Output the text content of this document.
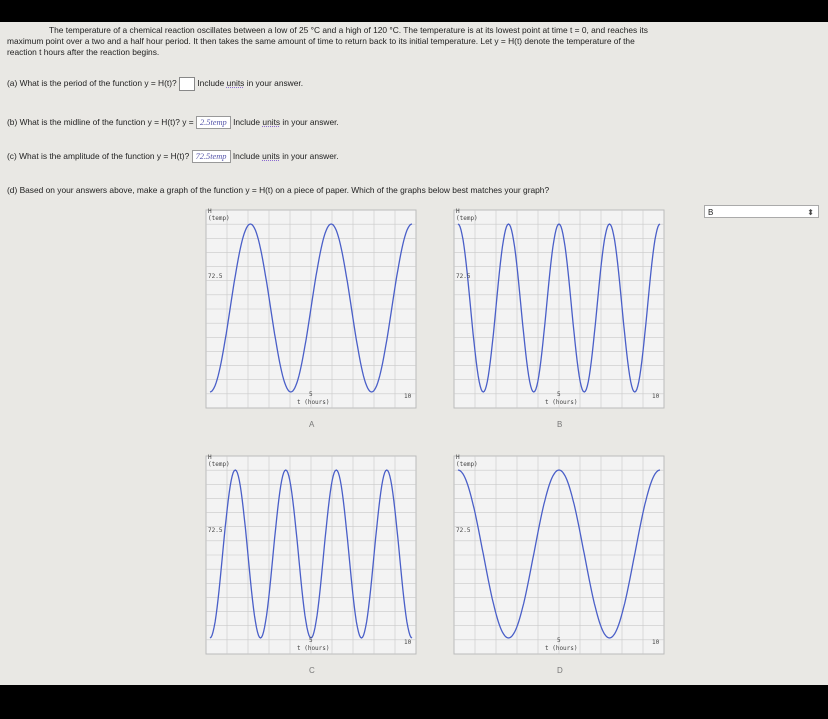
The temperature of a chemical reaction oscillates between a low of 25 °C and a high of 120 °C. The temperature is at its lowest point at time t = 0, and reaches its
maximum point over a two and a half hour period. It then takes the same amount of time to return back to its initial temperature. Let y = H(t) denote the temperature of the
reaction t hours after the reaction begins.
(a) What is the period of the function y = H(t)? Include units in your answer.
(b) What is the midline of the function y = H(t)? y = 2.5temp Include units in your answer.
(c) What is the amplitude of the function y = H(t)? 72.5temp Include units in your answer.
(d) Based on your answers above, make a graph of the function y = H(t) on a piece of paper. Which of the graphs below best matches your graph?
B	⬍
H
(temp)
72.5
5
t (hours)
10
A
H
(temp)
72.5
5
t (hours)
10
B
H
(temp)
72.5
5
t (hours)
10
C
H
(temp)
72.5
5
t (hours)
10
D
